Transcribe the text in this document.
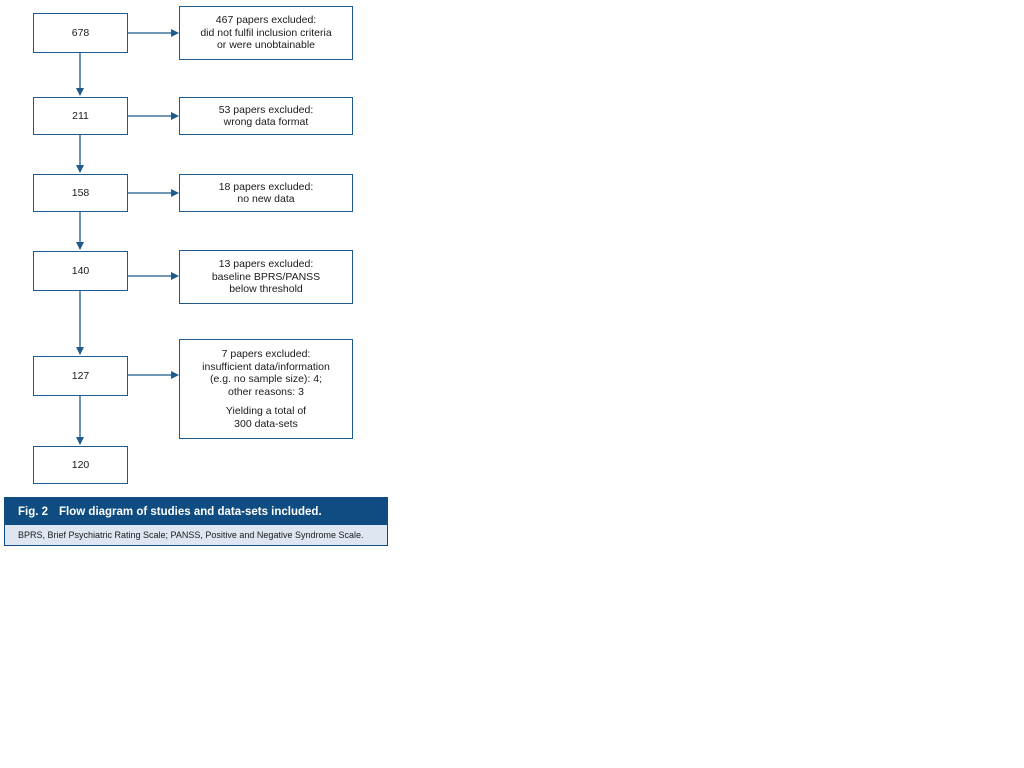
678
211
158
140
127
120
467 papers excluded:
did not fulfil inclusion criteria
or were unobtainable
53 papers excluded:
wrong data format
18 papers excluded:
no new data
13 papers excluded:
baseline BPRS/PANSS
below threshold
7 papers excluded:
insufficient data/information
(e.g. no sample size): 4;
other reasons: 3
Yielding a total of
300 data-sets
Fig. 2 Flow diagram of studies and data-sets included.
BPRS, Brief Psychiatric Rating Scale; PANSS, Positive and Negative Syndrome Scale.
